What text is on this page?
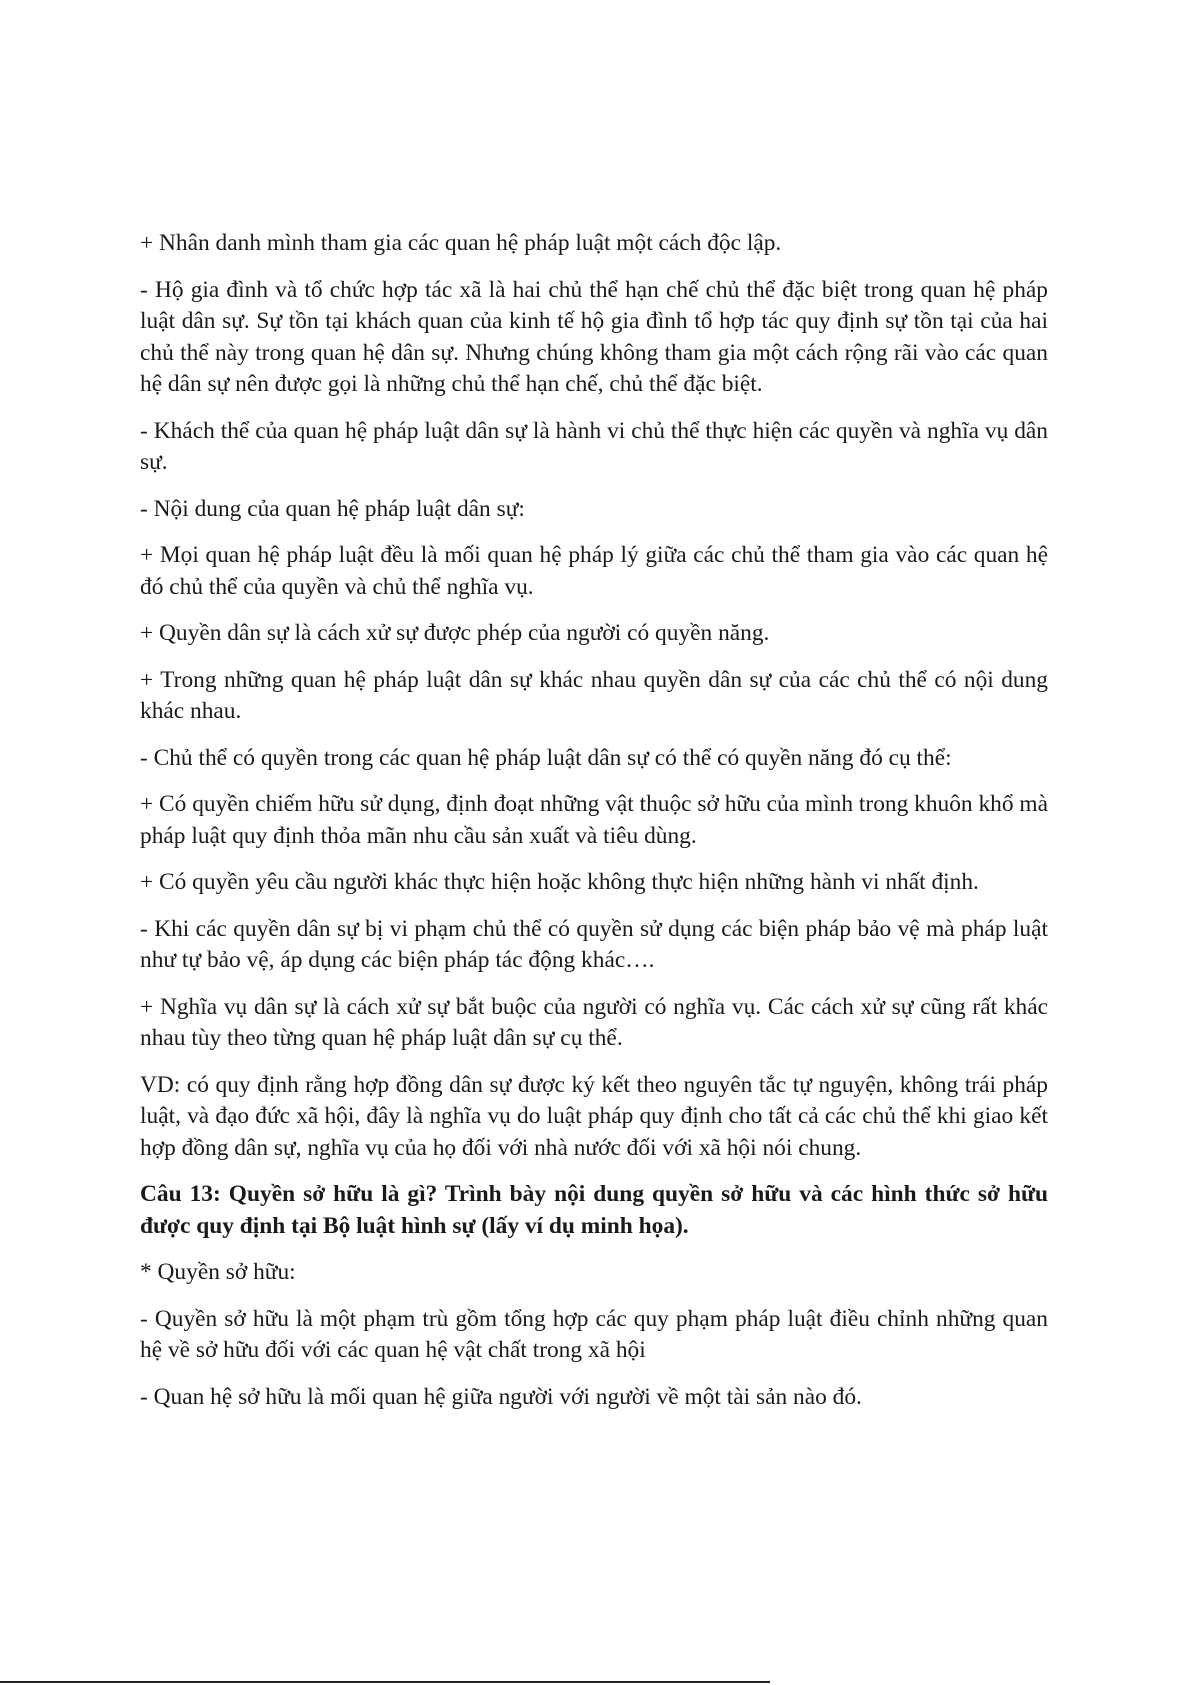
+ Nhân danh mình tham gia các quan hệ pháp luật một cách độc lập.

- Hộ gia đình và tổ chức hợp tác xã là hai chủ thể hạn chế chủ thể đặc biệt trong quan hệ pháp luật dân sự. Sự tồn tại khách quan của kinh tế hộ gia đình tổ hợp tác quy định sự tồn tại của hai chủ thể này trong quan hệ dân sự. Nhưng chúng không tham gia một cách rộng rãi vào các quan hệ dân sự nên được gọi là những chủ thể hạn chế, chủ thể đặc biệt.

- Khách thể của quan hệ pháp luật dân sự là hành vi chủ thể thực hiện các quyền và nghĩa vụ dân sự.

- Nội dung của quan hệ pháp luật dân sự:

+ Mọi quan hệ pháp luật đều là mối quan hệ pháp lý giữa các chủ thể tham gia vào các quan hệ đó chủ thể của quyền và chủ thể nghĩa vụ.

+ Quyền dân sự là cách xử sự được phép của người có quyền năng.

+ Trong những quan hệ pháp luật dân sự khác nhau quyền dân sự của các chủ thể có nội dung khác nhau.

- Chủ thể có quyền trong các quan hệ pháp luật dân sự có thể có quyền năng đó cụ thể:

+ Có quyền chiếm hữu sử dụng, định đoạt những vật thuộc sở hữu của mình trong khuôn khổ mà pháp luật quy định thỏa mãn nhu cầu sản xuất và tiêu dùng.

+ Có quyền yêu cầu người khác thực hiện hoặc không thực hiện những hành vi nhất định.

- Khi các quyền dân sự bị vi phạm chủ thể có quyền sử dụng các biện pháp bảo vệ mà pháp luật như tự bảo vệ, áp dụng các biện pháp tác động khác….

+ Nghĩa vụ dân sự là cách xử sự bắt buộc của người có nghĩa vụ. Các cách xử sự cũng rất khác nhau tùy theo từng quan hệ pháp luật dân sự cụ thể.

VD: có quy định rằng hợp đồng dân sự được ký kết theo nguyên tắc tự nguyện, không trái pháp luật, và đạo đức xã hội, đây là nghĩa vụ do luật pháp quy định cho tất cả các chủ thể khi giao kết hợp đồng dân sự, nghĩa vụ của họ đối với nhà nước đối với xã hội nói chung.

Câu 13: Quyền sở hữu là gì? Trình bày nội dung quyền sở hữu và các hình thức sở hữu được quy định tại Bộ luật hình sự (lấy ví dụ minh họa).

* Quyền sở hữu:

- Quyền sở hữu là một phạm trù gồm tổng hợp các quy phạm pháp luật điều chỉnh những quan hệ về sở hữu đối với các quan hệ vật chất trong xã hội

- Quan hệ sở hữu là mối quan hệ giữa người với người về một tài sản nào đó.
